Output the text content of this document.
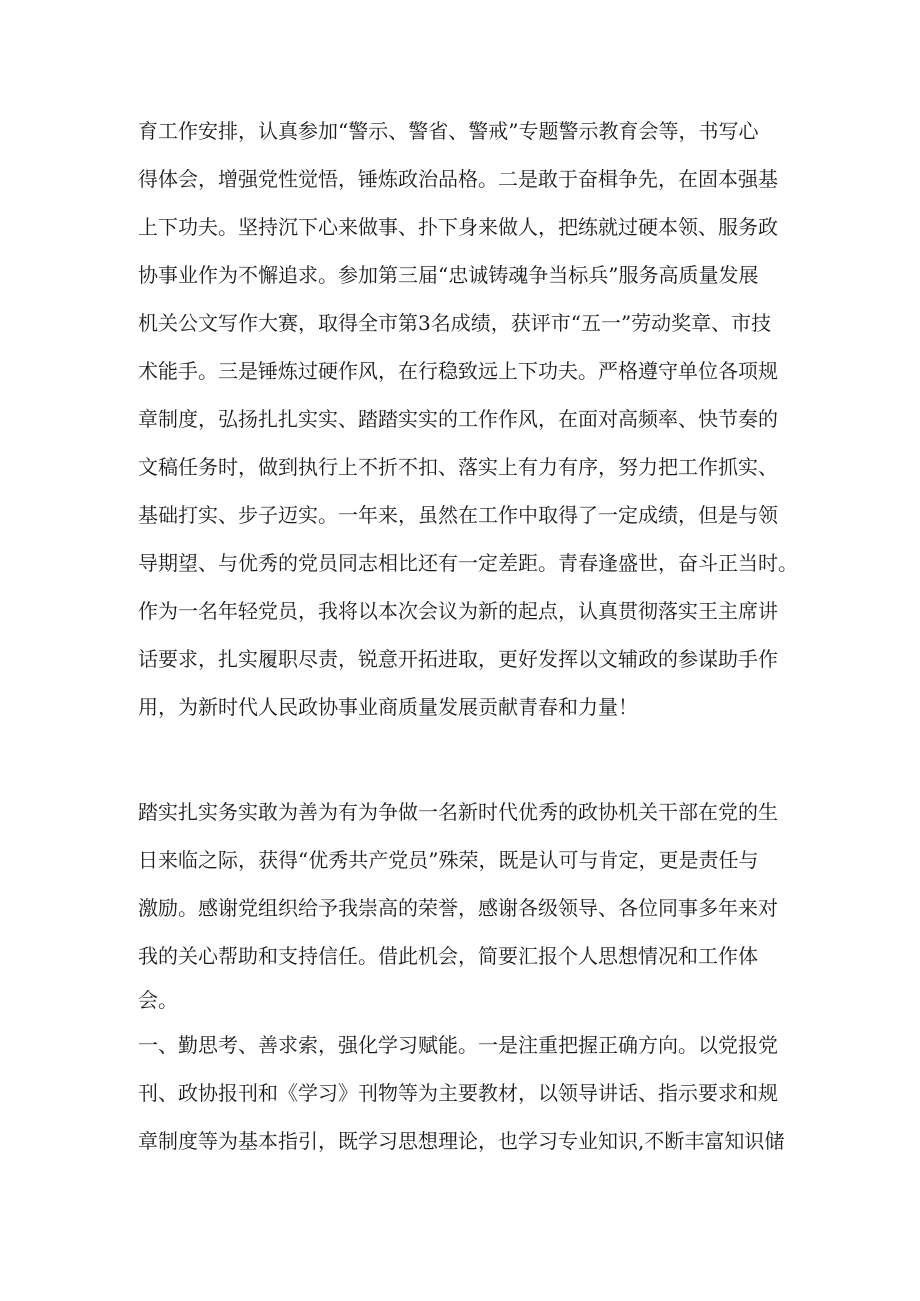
育工作安排，认真参加“警示、警省、警戒”专题警示教育会等，书写心
得体会，增强党性觉悟，锤炼政治品格。二是敢于奋楫争先，在固本强基
上下功夫。坚持沉下心来做事、扑下身来做人，把练就过硬本领、服务政
协事业作为不懈追求。参加第三届“忠诚铸魂争当标兵”服务高质量发展
机关公文写作大赛，取得全市第3名成绩，获评市“五一”劳动奖章、市技
术能手。三是锤炼过硬作风，在行稳致远上下功夫。严格遵守单位各项规
章制度，弘扬扎扎实实、踏踏实实的工作作风，在面对高频率、快节奏的
文稿任务时，做到执行上不折不扣、落实上有力有序，努力把工作抓实、
基础打实、步子迈实。一年来，虽然在工作中取得了一定成绩，但是与领
导期望、与优秀的党员同志相比还有一定差距。青春逢盛世，奋斗正当时。
作为一名年轻党员，我将以本次会议为新的起点，认真贯彻落实王主席讲
话要求，扎实履职尽责，锐意开拓进取，更好发挥以文辅政的参谋助手作
用，为新时代人民政协事业商质量发展贡献青春和力量！
踏实扎实务实敢为善为有为争做一名新时代优秀的政协机关干部在党的生
日来临之际，获得“优秀共产党员”殊荣，既是认可与肯定，更是责任与
激励。感谢党组织给予我崇高的荣誉，感谢各级领导、各位同事多年来对
我的关心帮助和支持信任。借此机会，简要汇报个人思想情况和工作体
会。
一、勤思考、善求索，强化学习赋能。一是注重把握正确方向。以党报党
刊、政协报刊和《学习》刊物等为主要教材，以领导讲话、指示要求和规
章制度等为基本指引，既学习思想理论，也学习专业知识,不断丰富知识储
